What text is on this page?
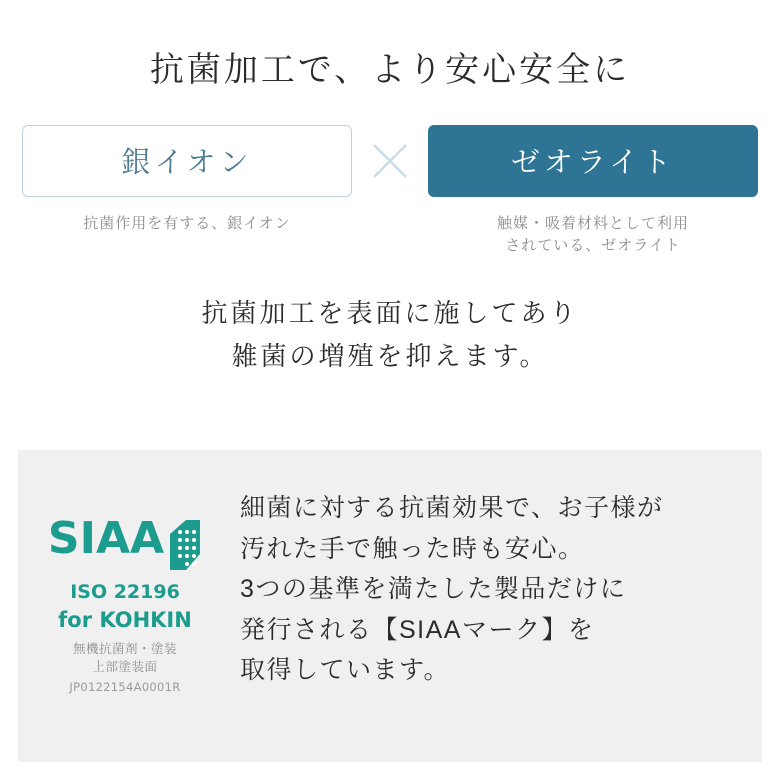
抗菌加工で、より安心安全に
銀イオン
抗菌作用を有する、銀イオン
ゼオライト
触媒・吸着材料として利用
されている、ゼオライト
抗菌加工を表面に施してあり
雑菌の増殖を抑えます。
SIAA
ISO 22196
for KOHKIN
無機抗菌剤・塗装
上部塗装面
JP0122154A0001R

細菌に対する抗菌効果で、お子様が

汚れた手で触った時も安心。

3つの基準を満たした製品だけに

発行される【SIAAマーク】を

取得しています。
